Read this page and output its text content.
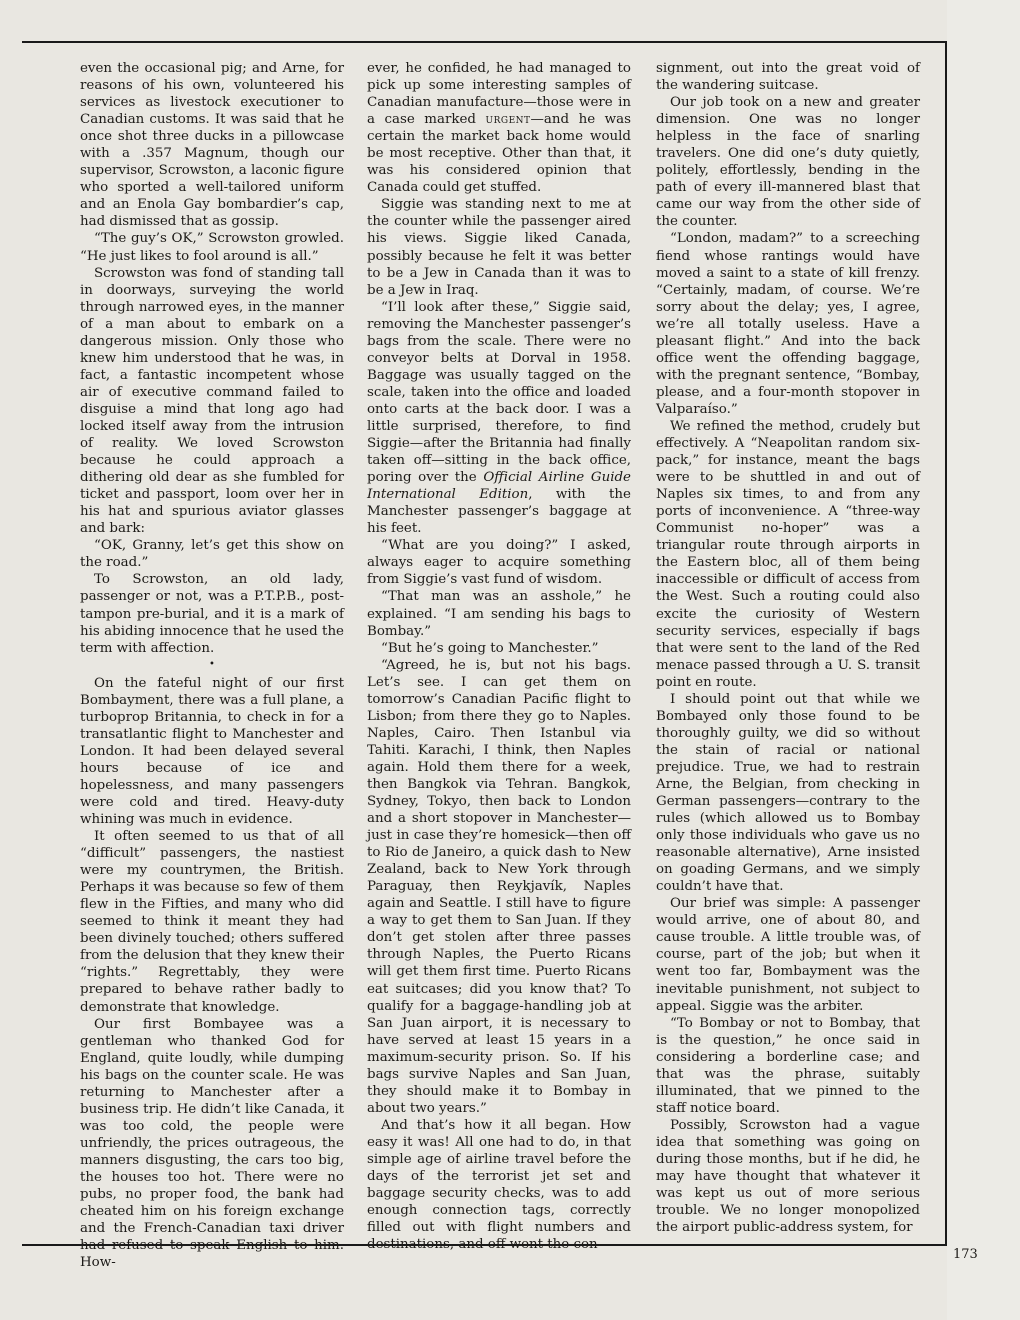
even the occasional pig; and Arne, for reasons of his own, volunteered his services as livestock executioner to Canadian customs. It was said that he once shot three ducks in a pillowcase with a .357 Magnum, though our supervisor, Scrowston, a laconic figure who sported a well-tailored uniform and an Enola Gay bombardier’s cap, had dismissed that as gossip.

“The guy’s OK,” Scrowston growled. “He just likes to fool around is all.”

Scrowston was fond of standing tall in doorways, surveying the world through narrowed eyes, in the manner of a man about to embark on a dangerous mission. Only those who knew him understood that he was, in fact, a fantastic incompetent whose air of executive command failed to disguise a mind that long ago had locked itself away from the intrusion of reality. We loved Scrowston because he could approach a dithering old dear as she fumbled for ticket and passport, loom over her in his hat and spurious aviator glasses and bark:

“OK, Granny, let’s get this show on the road.”

To Scrowston, an old lady, passenger or not, was a P.T.P.B., post-tampon pre-burial, and it is a mark of his abiding innocence that he used the term with affection.

•

On the fateful night of our first Bombayment, there was a full plane, a turboprop Britannia, to check in for a transatlantic flight to Manchester and London. It had been delayed several hours because of ice and hopelessness, and many passengers were cold and tired. Heavy-duty whining was much in evidence.

It often seemed to us that of all “difficult” passengers, the nastiest were my countrymen, the British. Perhaps it was because so few of them flew in the Fifties, and many who did seemed to think it meant they had been divinely touched; others suffered from the delusion that they knew their “rights.” Regrettably, they were prepared to behave rather badly to demonstrate that knowledge.

Our first Bombayee was a gentleman who thanked God for England, quite loudly, while dumping his bags on the counter scale. He was returning to Manchester after a business trip. He didn’t like Canada, it was too cold, the people were unfriendly, the prices outrageous, the manners disgusting, the cars too big, the houses too hot. There were no pubs, no proper food, the bank had cheated him on his foreign exchange and the French-Canadian taxi driver had refused to speak English to him. How-

ever, he confided, he had managed to pick up some interesting samples of Canadian manufacture—those were in a case marked urgent—and he was certain the market back home would be most receptive. Other than that, it was his considered opinion that Canada could get stuffed.

Siggie was standing next to me at the counter while the passenger aired his views. Siggie liked Canada, possibly because he felt it was better to be a Jew in Canada than it was to be a Jew in Iraq.

“I’ll look after these,” Siggie said, removing the Manchester passenger’s bags from the scale. There were no conveyor belts at Dorval in 1958. Baggage was usually tagged on the scale, taken into the office and loaded onto carts at the back door. I was a little surprised, therefore, to find Siggie—after the Britannia had finally taken off—sitting in the back office, poring over the Official Airline Guide International Edition, with the Manchester passenger’s baggage at his feet.

“What are you doing?” I asked, always eager to acquire something from Siggie’s vast fund of wisdom.

“That man was an asshole,” he explained. “I am sending his bags to Bombay.”

“But he’s going to Manchester.”

“Agreed, he is, but not his bags. Let’s see. I can get them on tomorrow’s Canadian Pacific flight to Lisbon; from there they go to Naples. Naples, Cairo. Then Istanbul via Tahiti. Karachi, I think, then Naples again. Hold them there for a week, then Bangkok via Tehran. Bangkok, Sydney, Tokyo, then back to London and a short stopover in Manchester—just in case they’re homesick—then off to Rio de Janeiro, a quick dash to New Zealand, back to New York through Paraguay, then Reykjavík, Naples again and Seattle. I still have to figure a way to get them to San Juan. If they don’t get stolen after three passes through Naples, the Puerto Ricans will get them first time. Puerto Ricans eat suitcases; did you know that? To qualify for a baggage-handling job at San Juan airport, it is necessary to have served at least 15 years in a maximum-security prison. So. If his bags survive Naples and San Juan, they should make it to Bombay in about two years.”

And that’s how it all began. How easy it was! All one had to do, in that simple age of airline travel before the days of the terrorist jet set and baggage security checks, was to add enough connection tags, correctly filled out with flight numbers and destinations, and off went the con-

signment, out into the great void of the wandering suitcase.

Our job took on a new and greater dimension. One was no longer helpless in the face of snarling travelers. One did one’s duty quietly, politely, effortlessly, bending in the path of every ill-mannered blast that came our way from the other side of the counter.

“London, madam?” to a screeching fiend whose rantings would have moved a saint to a state of kill frenzy. “Certainly, madam, of course. We’re sorry about the delay; yes, I agree, we’re all totally useless. Have a pleasant flight.” And into the back office went the offending baggage, with the pregnant sentence, “Bombay, please, and a four-month stopover in Valparaíso.”

We refined the method, crudely but effectively. A “Neapolitan random six-pack,” for instance, meant the bags were to be shuttled in and out of Naples six times, to and from any ports of inconvenience. A “three-way Communist no-hoper” was a triangular route through airports in the Eastern bloc, all of them being inaccessible or difficult of access from the West. Such a routing could also excite the curiosity of Western security services, especially if bags that were sent to the land of the Red menace passed through a U. S. transit point en route.

I should point out that while we Bombayed only those found to be thoroughly guilty, we did so without the stain of racial or national prejudice. True, we had to restrain Arne, the Belgian, from checking in German passengers—contrary to the rules (which allowed us to Bombay only those individuals who gave us no reasonable alternative), Arne insisted on goading Germans, and we simply couldn’t have that.

Our brief was simple: A passenger would arrive, one of about 80, and cause trouble. A little trouble was, of course, part of the job; but when it went too far, Bombayment was the inevitable punishment, not subject to appeal. Siggie was the arbiter.

“To Bombay or not to Bombay, that is the question,” he once said in considering a borderline case; and that was the phrase, suitably illuminated, that we pinned to the staff notice board.

Possibly, Scrowston had a vague idea that something was going on during those months, but if he did, he may have thought that whatever it was kept us out of more serious trouble. We no longer monopolized the airport public-address system, for

173
